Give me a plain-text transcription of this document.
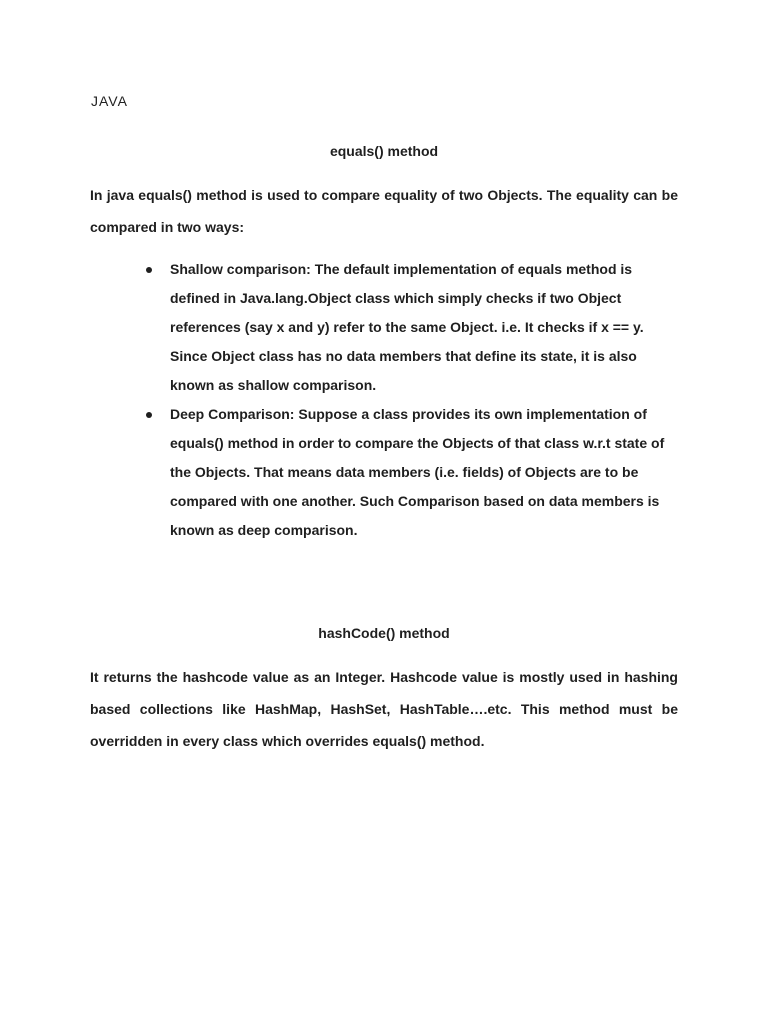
JAVA
equals() method
In java equals() method is used to compare equality of two Objects. The equality can be compared in two ways:
Shallow comparison: The default implementation of equals method is defined in Java.lang.Object class which simply checks if two Object references (say x and y) refer to the same Object. i.e. It checks if x == y. Since Object class has no data members that define its state, it is also known as shallow comparison.
Deep Comparison: Suppose a class provides its own implementation of equals() method in order to compare the Objects of that class w.r.t state of the Objects. That means data members (i.e. fields) of Objects are to be compared with one another. Such Comparison based on data members is known as deep comparison.
hashCode() method
It returns the hashcode value as an Integer. Hashcode value is mostly used in hashing based collections like HashMap, HashSet, HashTable….etc. This method must be overridden in every class which overrides equals() method.
